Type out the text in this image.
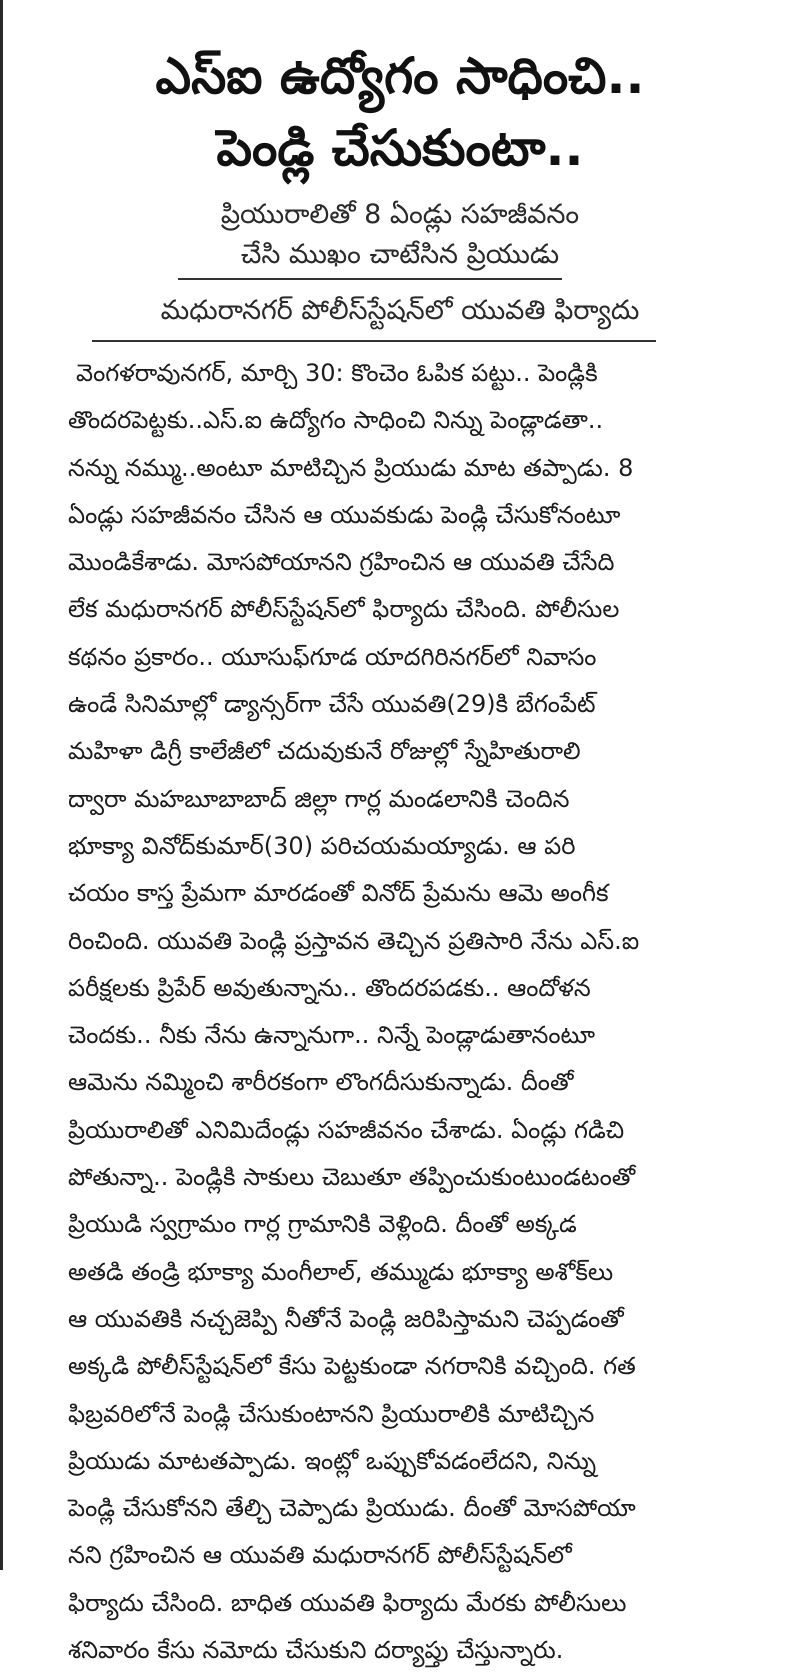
ఎస్ఐ ఉద్యోగం సాధించి..
పెండ్లి చేసుకుంటా..
ప్రియురాలితో 8 ఏండ్లు సహజీవనం
చేసి ముఖం చాటేసిన ప్రియుడు
మధురానగర్ పోలీస్‌స్టేషన్‌లో యువతి ఫిర్యాదు
వెంగళరావునగర్, మార్చి 30: కొంచెం ఓపిక పట్టు.. పెండ్లికి
తొందరపెట్టకు..ఎస్.ఐ ఉద్యోగం సాధించి నిన్ను పెండ్లాడతా..
నన్ను నమ్ము..అంటూ మాటిచ్చిన ప్రియుడు మాట తప్పాడు. 8
ఏండ్లు సహజీవనం చేసిన ఆ యువకుడు పెండ్లి చేసుకోనంటూ
మొండికేశాడు. మోసపోయానని గ్రహించిన ఆ యువతి చేసేది
లేక మధురానగర్ పోలీస్‌స్టేషన్‌లో ఫిర్యాదు చేసింది. పోలీసుల
కథనం ప్రకారం.. యూసుఫ్‌గూడ యాదగిరినగర్‌లో నివాసం
ఉండే సినిమాల్లో డ్యాన్సర్‌గా చేసే యువతి(29)కి బేగంపేట్
మహిళా డిగ్రీ కాలేజీలో చదువుకునే రోజుల్లో స్నేహితురాలి
ద్వారా మహబూబాబాద్ జిల్లా గార్ల మండలానికి చెందిన
భూక్యా వినోద్‌కుమార్(30) పరిచయమయ్యాడు. ఆ పరి
చయం కాస్త ప్రేమగా మారడంతో వినోద్ ప్రేమను ఆమె అంగీక
రించింది. యువతి పెండ్లి ప్రస్తావన తెచ్చిన ప్రతిసారి నేను ఎస్.ఐ
పరీక్షలకు ప్రిపేర్ అవుతున్నాను.. తొందరపడకు.. ఆందోళన
చెందకు.. నీకు నేను ఉన్నానుగా.. నిన్నే పెండ్లాడుతానంటూ
ఆమెను నమ్మించి శారీరకంగా లొంగదీసుకున్నాడు. దీంతో
ప్రియురాలితో ఎనిమిదేండ్లు సహజీవనం చేశాడు. ఏండ్లు గడిచి
పోతున్నా.. పెండ్లికి సాకులు చెబుతూ తప్పించుకుంటుండటంతో
ప్రియుడి స్వగ్రామం గార్ల గ్రామానికి వెళ్లింది. దీంతో అక్కడ
అతడి తండ్రి భూక్యా మంగీలాల్, తమ్ముడు భూక్యా అశోక్‌లు
ఆ యువతికి నచ్చజెప్పి నీతోనే పెండ్లి జరిపిస్తామని చెప్పడంతో
అక్కడి పోలీస్‌స్టేషన్‌లో కేసు పెట్టకుండా నగరానికి వచ్చింది. గత
ఫిబ్రవరిలోనే పెండ్లి చేసుకుంటానని ప్రియురాలికి మాటిచ్చిన
ప్రియుడు మాటతప్పాడు. ఇంట్లో ఒప్పుకోవడంలేదని, నిన్ను
పెండ్లి చేసుకోనని తేల్చి చెప్పాడు ప్రియుడు. దీంతో మోసపోయా
నని గ్రహించిన ఆ యువతి మధురానగర్ పోలీస్‌స్టేషన్‌లో
ఫిర్యాదు చేసింది. బాధిత యువతి ఫిర్యాదు మేరకు పోలీసులు
శనివారం కేసు నమోదు చేసుకుని దర్యాప్తు చేస్తున్నారు.
